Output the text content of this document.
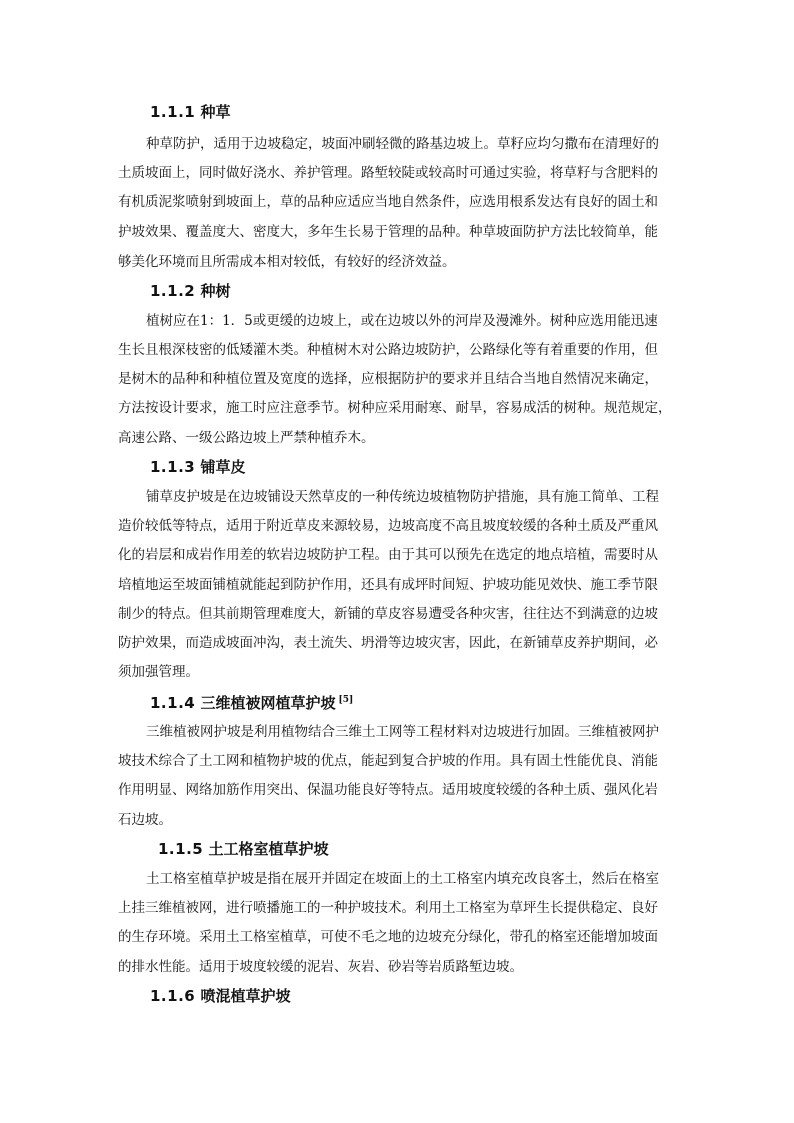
1.1.1 种草
种草防护，适用于边坡稳定，坡面冲刷轻微的路基边坡上。草籽应均匀撒布在清理好的
土质坡面上，同时做好浇水、养护管理。路堑较陡或较高时可通过实验，将草籽与含肥料的
有机质泥浆喷射到坡面上，草的品种应适应当地自然条件，应选用根系发达有良好的固土和
护坡效果、覆盖度大、密度大，多年生长易于管理的品种。种草坡面防护方法比较简单，能
够美化环境而且所需成本相对较低，有较好的经济效益。
1.1.2 种树
植树应在1：1．5或更缓的边坡上，或在边坡以外的河岸及漫滩外。树种应选用能迅速
生长且根深枝密的低矮灌木类。种植树木对公路边坡防护，公路绿化等有着重要的作用，但
是树木的品种和种植位置及宽度的选择，应根据防护的要求并且结合当地自然情况来确定，
方法按设计要求，施工时应注意季节。树种应采用耐寒、耐旱，容易成活的树种。规范规定，
高速公路、一级公路边坡上严禁种植乔木。
1.1.3 铺草皮
铺草皮护坡是在边坡铺设天然草皮的一种传统边坡植物防护措施，具有施工简单、工程
造价较低等特点，适用于附近草皮来源较易，边坡高度不高且坡度较缓的各种土质及严重风
化的岩层和成岩作用差的软岩边坡防护工程。由于其可以预先在选定的地点培植，需要时从
培植地运至坡面铺植就能起到防护作用，还具有成坪时间短、护坡功能见效快、施工季节限
制少的特点。但其前期管理难度大，新铺的草皮容易遭受各种灾害，往往达不到满意的边坡
防护效果，而造成坡面冲沟，表土流失、坍滑等边坡灾害，因此，在新铺草皮养护期间，必
须加强管理。
1.1.4 三维植被网植草护坡 [5]
三维植被网护坡是利用植物结合三维土工网等工程材料对边坡进行加固。三维植被网护
坡技术综合了土工网和植物护坡的优点，能起到复合护坡的作用。具有固土性能优良、消能
作用明显、网络加筋作用突出、保温功能良好等特点。适用坡度较缓的各种土质、强风化岩
石边坡。
1.1.5 土工格室植草护坡
土工格室植草护坡是指在展开并固定在坡面上的土工格室内填充改良客土，然后在格室
上挂三维植被网，进行喷播施工的一种护坡技术。利用土工格室为草坪生长提供稳定、良好
的生存环境。采用土工格室植草，可使不毛之地的边坡充分绿化，带孔的格室还能增加坡面
的排水性能。适用于坡度较缓的泥岩、灰岩、砂岩等岩质路堑边坡。
1.1.6 喷混植草护坡
